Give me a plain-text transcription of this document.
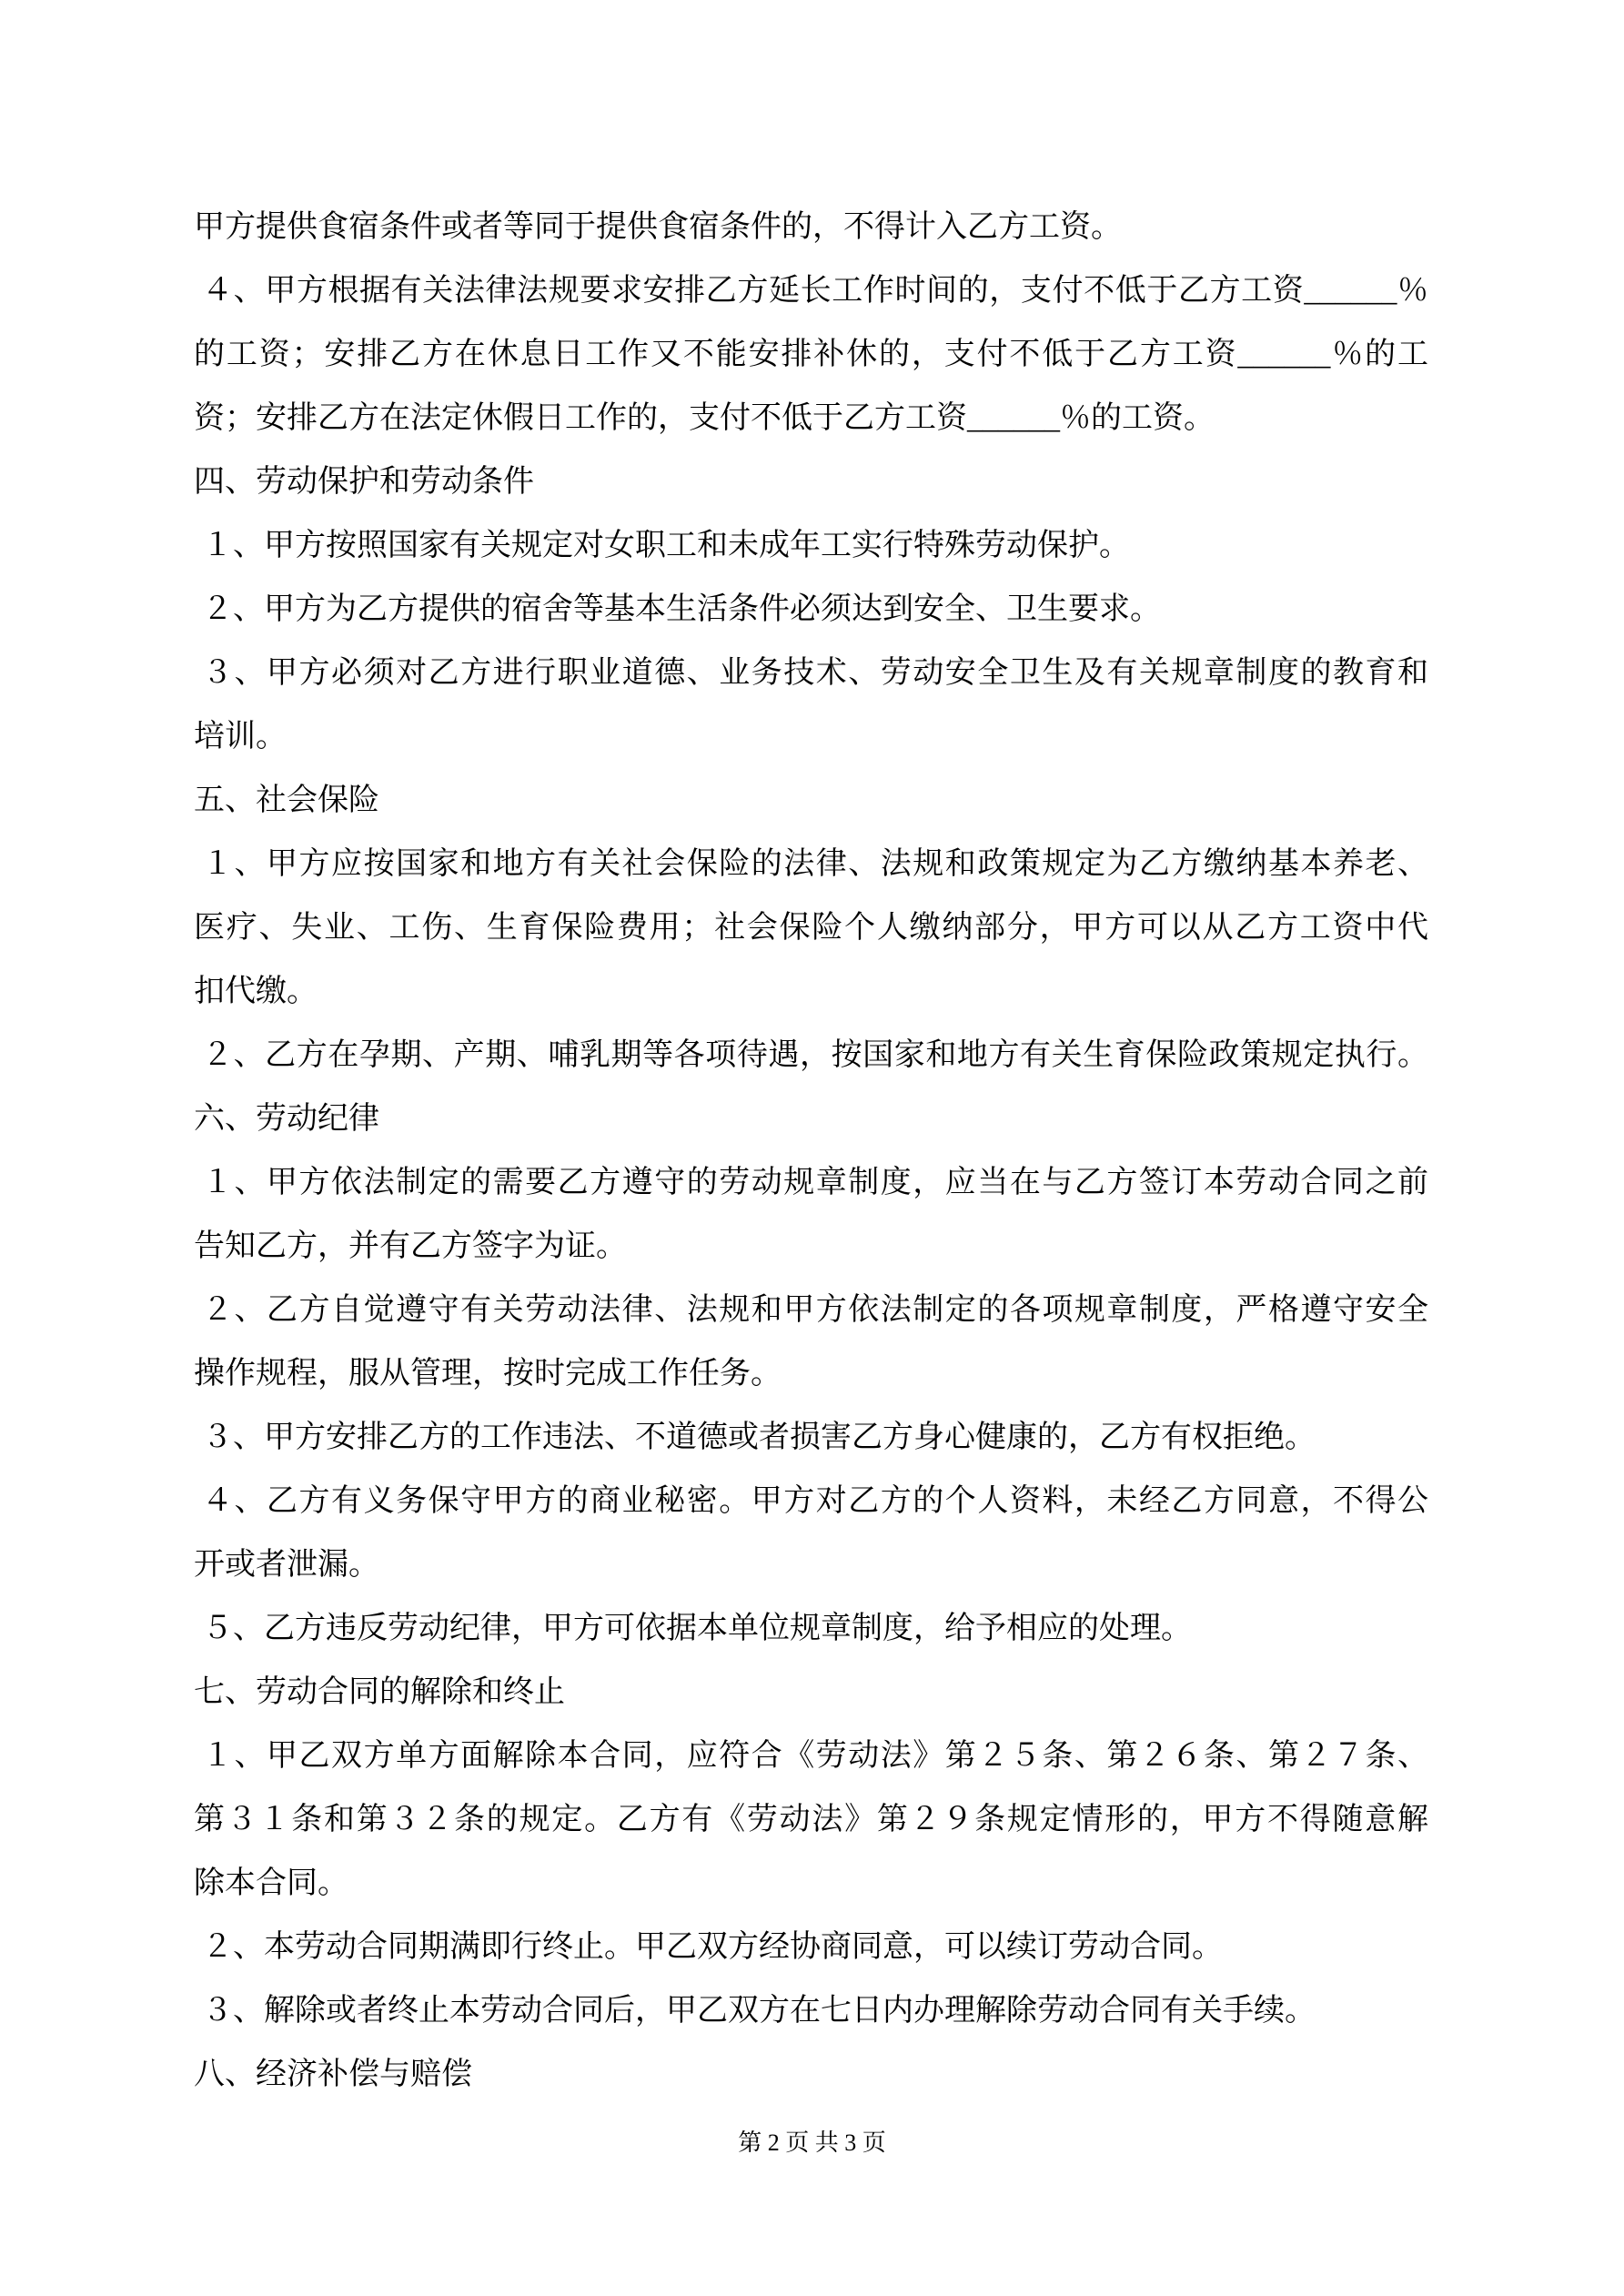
甲方提供食宿条件或者等同于提供食宿条件的，不得计入乙方工资。

４、甲方根据有关法律法规要求安排乙方延长工作时间的，支付不低于乙方工资______％
的工资；安排乙方在休息日工作又不能安排补休的，支付不低于乙方工资______％的工
资；安排乙方在法定休假日工作的，支付不低于乙方工资______％的工资。

四、劳动保护和劳动条件

１、甲方按照国家有关规定对女职工和未成年工实行特殊劳动保护。

２、甲方为乙方提供的宿舍等基本生活条件必须达到安全、卫生要求。

３、甲方必须对乙方进行职业道德、业务技术、劳动安全卫生及有关规章制度的教育和
培训。

五、社会保险

１、甲方应按国家和地方有关社会保险的法律、法规和政策规定为乙方缴纳基本养老、
医疗、失业、工伤、生育保险费用；社会保险个人缴纳部分，甲方可以从乙方工资中代
扣代缴。

２、乙方在孕期、产期、哺乳期等各项待遇，按国家和地方有关生育保险政策规定执行。

六、劳动纪律

１、甲方依法制定的需要乙方遵守的劳动规章制度，应当在与乙方签订本劳动合同之前
告知乙方，并有乙方签字为证。

２、乙方自觉遵守有关劳动法律、法规和甲方依法制定的各项规章制度，严格遵守安全
操作规程，服从管理，按时完成工作任务。

３、甲方安排乙方的工作违法、不道德或者损害乙方身心健康的，乙方有权拒绝。

４、乙方有义务保守甲方的商业秘密。甲方对乙方的个人资料，未经乙方同意，不得公
开或者泄漏。

５、乙方违反劳动纪律，甲方可依据本单位规章制度，给予相应的处理。

七、劳动合同的解除和终止

１、甲乙双方单方面解除本合同，应符合《劳动法》第２５条、第２６条、第２７条、
第３１条和第３２条的规定。乙方有《劳动法》第２９条规定情形的，甲方不得随意解
除本合同。

２、本劳动合同期满即行终止。甲乙双方经协商同意，可以续订劳动合同。

３、解除或者终止本劳动合同后，甲乙双方在七日内办理解除劳动合同有关手续。

八、经济补偿与赔偿

第 2 页 共 3 页
